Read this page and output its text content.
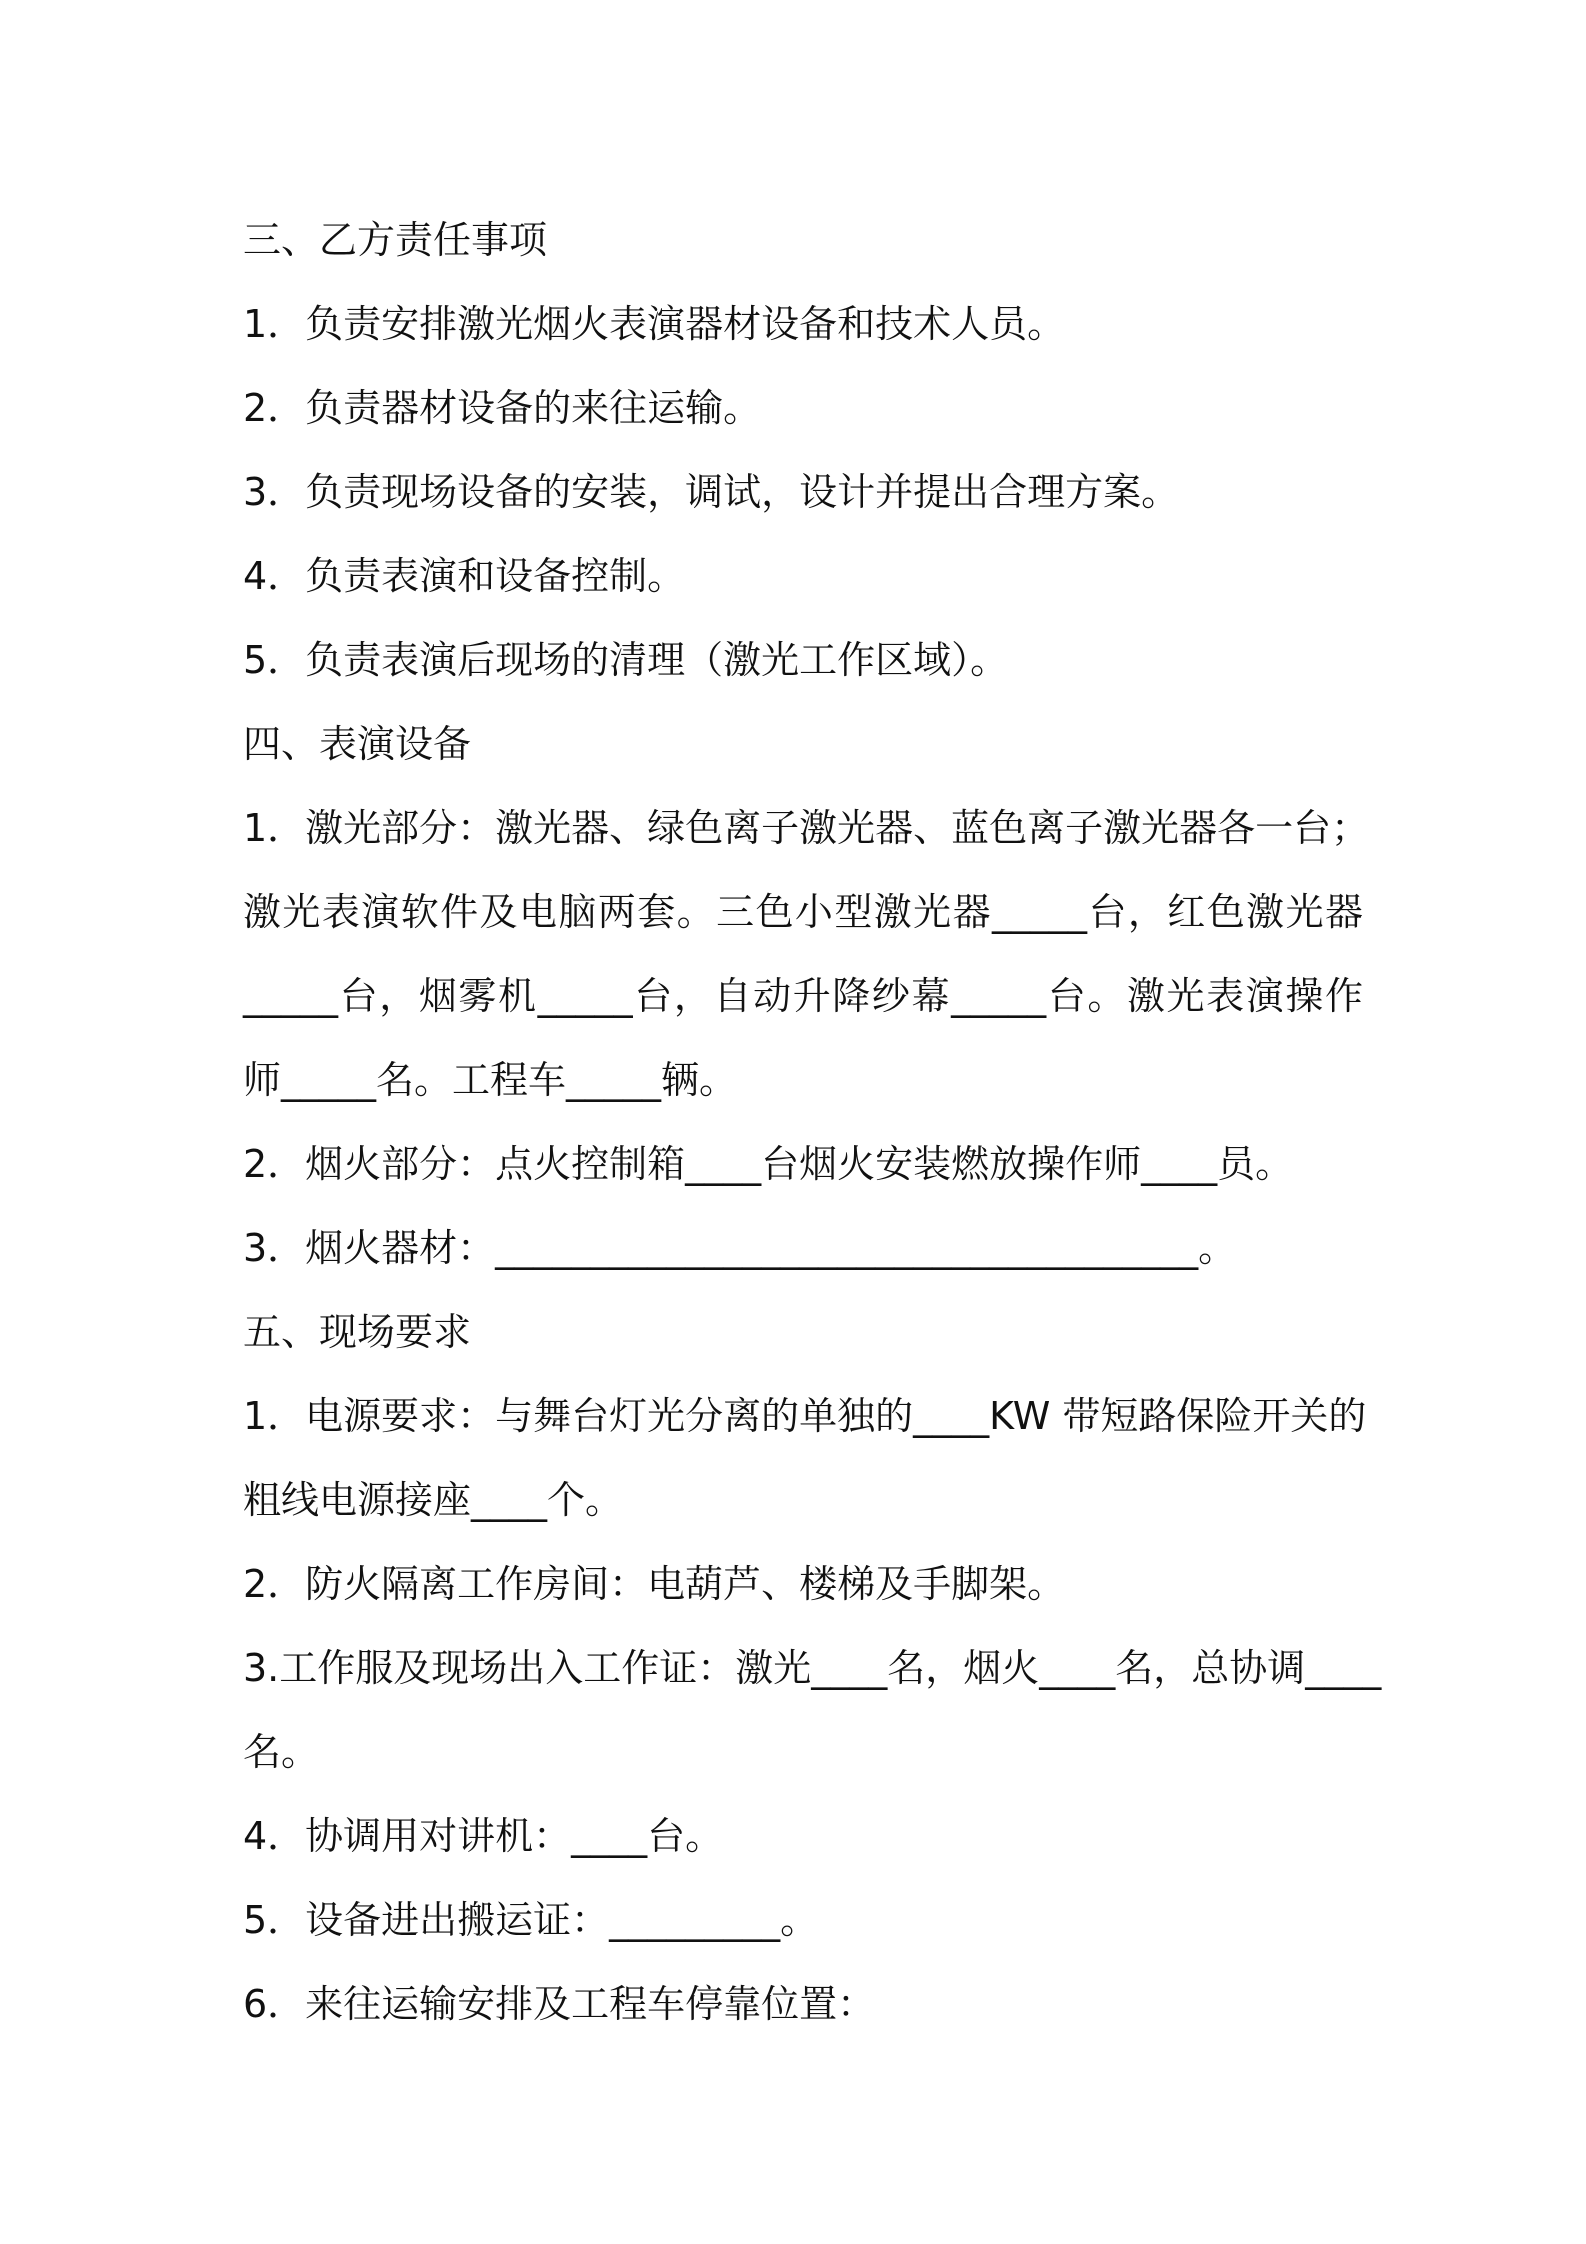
三、乙方责任事项
1．负责安排激光烟火表演器材设备和技术人员。
2．负责器材设备的来往运输。
3．负责现场设备的安装，调试，设计并提出合理方案。
4．负责表演和设备控制。
5．负责表演后现场的清理（激光工作区域）。
四、表演设备
1．激光部分：激光器、绿色离子激光器、蓝色离子激光器各一台；
激光表演软件及电脑两套。三色小型激光器_____台，红色激光器
_____台，烟雾机_____台，自动升降纱幕_____台。激光表演操作
师_____名。工程车_____辆。
2．烟火部分：点火控制箱____台烟火安装燃放操作师____员。
3．烟火器材：_____________________________________。
五、现场要求
1．电源要求：与舞台灯光分离的单独的____KW 带短路保险开关的
粗线电源接座____个。
2．防火隔离工作房间：电葫芦、楼梯及手脚架。
3.工作服及现场出入工作证：激光____名，烟火____名，总协调____
名。
4．协调用对讲机：____台。
5．设备进出搬运证：_________。
6．来往运输安排及工程车停靠位置：
